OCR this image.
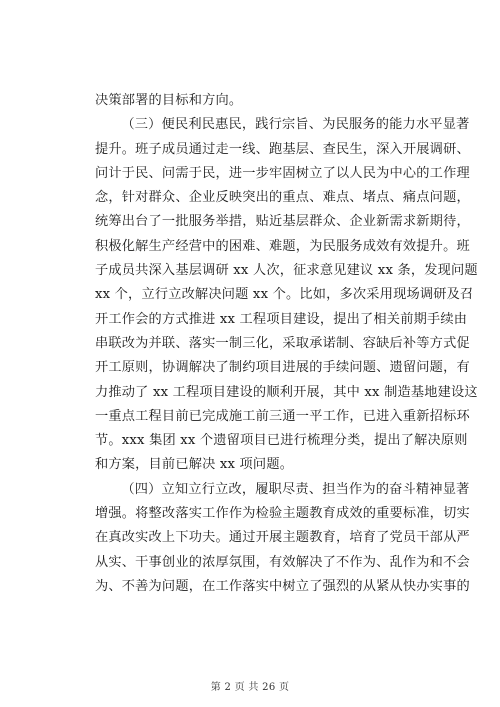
决策部署的目标和方向。
（三）便民利民惠民，践行宗旨、为民服务的能力水平显著
提升。班子成员通过走一线、跑基层、查民生，深入开展调研、
问计于民、问需于民，进一步牢固树立了以人民为中心的工作理
念，针对群众、企业反映突出的重点、难点、堵点、痛点问题，
统筹出台了一批服务举措，贴近基层群众、企业新需求新期待，
积极化解生产经营中的困难、难题，为民服务成效有效提升。班
子成员共深入基层调研 xx 人次，征求意见建议 xx 条，发现问题
xx 个，立行立改解决问题 xx 个。比如，多次采用现场调研及召
开工作会的方式推进 xx 工程项目建设，提出了相关前期手续由
串联改为并联、落实一制三化，采取承诺制、容缺后补等方式促
开工原则，协调解决了制约项目进展的手续问题、遗留问题，有
力推动了 xx 工程项目建设的顺利开展，其中 xx 制造基地建设这
一重点工程目前已完成施工前三通一平工作，已进入重新招标环
节。xxx 集团 xx 个遗留项目已进行梳理分类，提出了解决原则
和方案，目前已解决 xx 项问题。
（四）立知立行立改，履职尽责、担当作为的奋斗精神显著
增强。将整改落实工作作为检验主题教育成效的重要标准，切实
在真改实改上下功夫。通过开展主题教育，培育了党员干部从严
从实、干事创业的浓厚氛围，有效解决了不作为、乱作为和不会
为、不善为问题，在工作落实中树立了强烈的从紧从快办实事的
第 2 页 共 26 页
